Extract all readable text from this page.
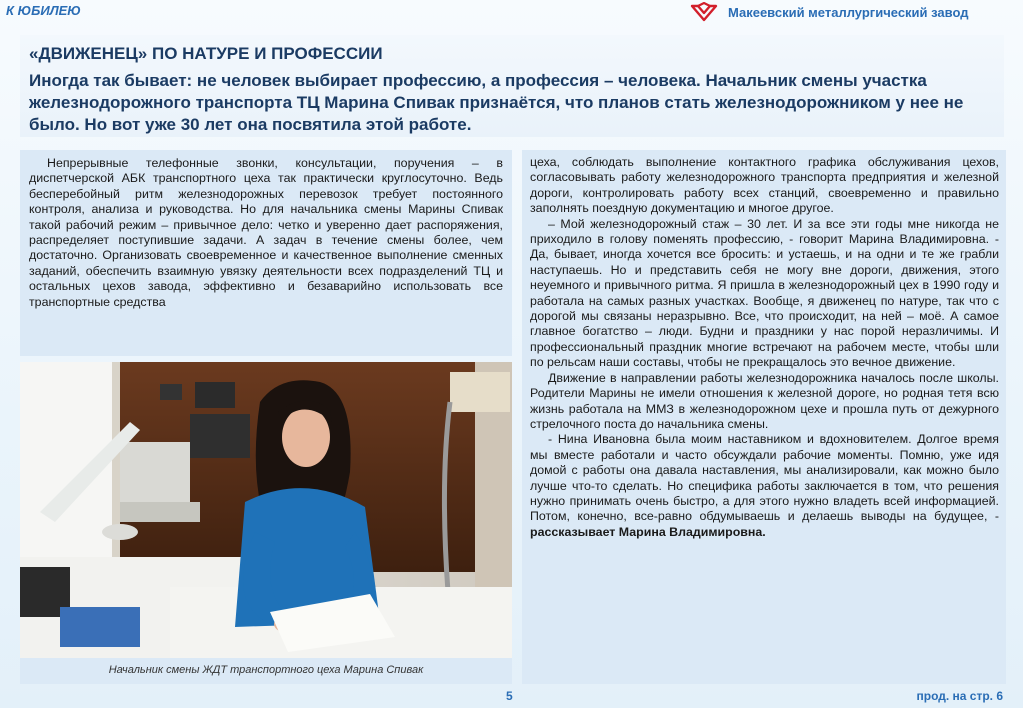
К ЮБИЛЕЮ	Макеевский металлургический завод
«ДВИЖЕНЕЦ» ПО НАТУРЕ И ПРОФЕССИИ
Иногда так бывает: не человек выбирает профессию, а профессия – человека. Начальник смены участка железнодорожного транспорта ТЦ Марина Спивак признаётся, что планов стать железнодорожником у нее не было. Но вот уже 30 лет она посвятила этой работе.

Непрерывные телефонные звонки, консультации, поручения – в диспетчерской АБК транспортного цеха так практически круглосуточно. Ведь бесперебойный ритм железнодорожных перевозок требует постоянного контроля, анализа и руководства. Но для начальника смены Марины Спивак такой рабочий режим – привычное дело: четко и уверенно дает распоряжения, распределяет поступившие задачи. А задач в течение смены более, чем достаточно. Организовать своевременное и качественное выполнение сменных заданий, обеспечить взаимную увязку деятельности всех подразделений ТЦ и остальных цехов завода, эффективно и безаварийно использовать все транспортные средства

Начальник смены ЖДТ транспортного цеха Марина Спивак

цеха, соблюдать выполнение контактного графика обслуживания цехов, согласовывать работу железнодорожного транспорта предприятия и железной дороги, контролировать работу всех станций, своевременно и правильно заполнять поездную документацию и многое другое.

– Мой железнодорожный стаж – 30 лет. И за все эти годы мне никогда не приходило в голову поменять профессию, - говорит Марина Владимировна. - Да, бывает, иногда хочется все бросить: и устаешь, и на одни и те же грабли наступаешь. Но и представить себя не могу вне дороги, движения, этого неуемного и привычного ритма. Я пришла в железнодорожный цех в 1990 году и работала на самых разных участках. Вообще, я движенец по натуре, так что с дорогой мы связаны неразрывно. Все, что происходит, на ней – моё. А самое главное богатство – люди. Будни и праздники у нас порой неразличимы. И профессиональный праздник многие встречают на рабочем месте, чтобы шли по рельсам наши составы, чтобы не прекращалось это вечное движение.

Движение в направлении работы железнодорожника началось после школы. Родители Марины не имели отношения к железной дороге, но родная тетя всю жизнь работала на ММЗ в железнодорожном цехе и прошла путь от дежурного стрелочного поста до начальника смены.

- Нина Ивановна была моим наставником и вдохновителем. Долгое время мы вместе работали и часто обсуждали рабочие моменты. Помню, уже идя домой с работы она давала наставления, мы анализировали, как можно было лучше что-то сделать. Но специфика работы заключается в том, что решения нужно принимать очень быстро, а для этого нужно владеть всей информацией. Потом, конечно, все-равно обдумываешь и делаешь выводы на будущее, - рассказывает Марина Владимировна.

5	прод. на стр. 6
